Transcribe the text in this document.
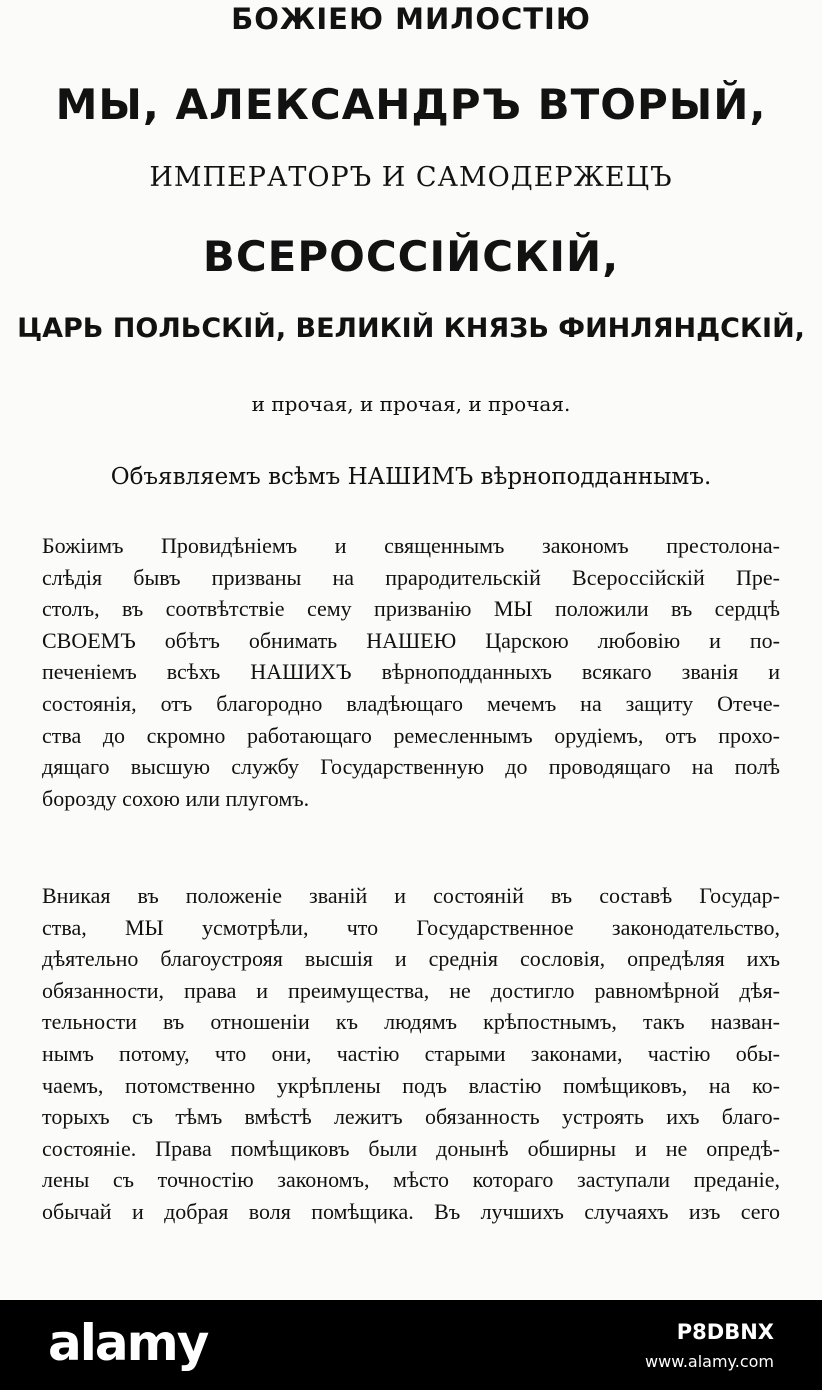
БОЖІЕЮ МИЛОСТІЮ
МЫ, АЛЕКСАНДРЪ ВТОРЫЙ,
ИМПЕРАТОРЪ И САМОДЕРЖЕЦЪ
ВСЕРОССІЙСКІЙ,
ЦАРЬ ПОЛЬСКІЙ, ВЕЛИКІЙ КНЯЗЬ ФИНЛЯНДСКІЙ,
и прочая, и прочая, и прочая.
Объявляемъ всѣмъ НАШИМЪ вѣрноподданнымъ.
Божіимъ Провидѣніемъ и священнымъ закономъ престолона-
слѣдія бывъ призваны на прародительскій Всероссійскій Пре-
столъ, въ соотвѣтствіе сему призванію МЫ положили въ сердцѣ
СВОЕМЪ обѣтъ обнимать НАШЕЮ Царскою любовію и по-
печеніемъ всѣхъ НАШИХЪ вѣрноподданныхъ всякаго званія и
состоянія, отъ благородно владѣющаго мечемъ на защиту Отече-
ства до скромно работающаго ремесленнымъ орудіемъ, отъ прохо-
дящаго высшую службу Государственную до проводящаго на полѣ
борозду сохою или плугомъ.
Вникая въ положеніе званій и состояній въ составѣ Государ-
ства, МЫ усмотрѣли, что Государственное законодательство,
дѣятельно благоустрояя высшія и среднія сословія, опредѣляя ихъ
обязанности, права и преимущества, не достигло равномѣрной дѣя-
тельности въ отношеніи къ людямъ крѣпостнымъ, такъ назван-
нымъ потому, что они, частію старыми законами, частію обы-
чаемъ, потомственно укрѣплены подъ властію помѣщиковъ, на ко-
торыхъ съ тѣмъ вмѣстѣ лежитъ обязанность устроять ихъ благо-
состояніе. Права помѣщиковъ были донынѣ обширны и не опредѣ-
лены съ точностію закономъ, мѣсто котораго заступали преданіе,
обычай и добрая воля помѣщика. Въ лучшихъ случаяхъ изъ сего
alamy	P8DBNX
www.alamy.com
